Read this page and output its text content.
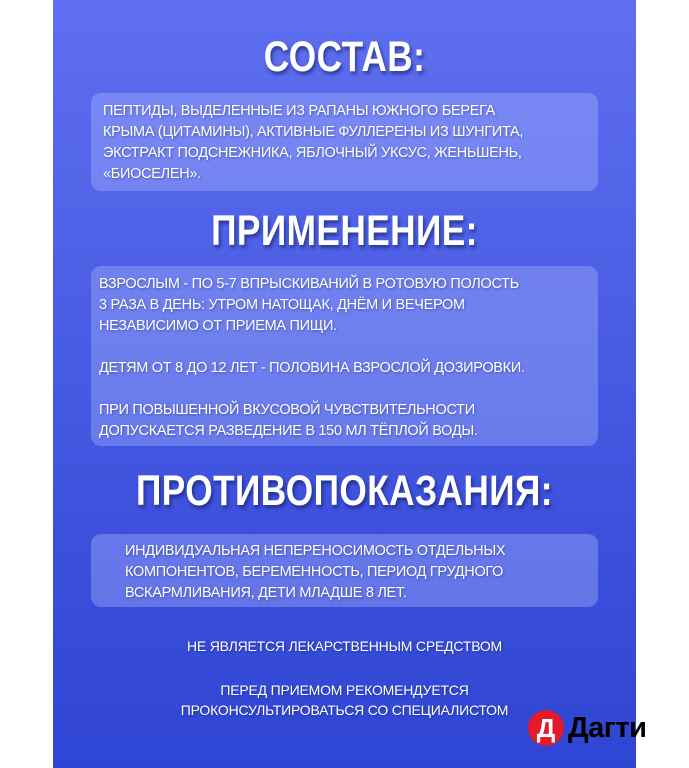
СОСТАВ:
ПЕПТИДЫ, ВЫДЕЛЕННЫЕ ИЗ РАПАНЫ ЮЖНОГО БЕРЕГА
КРЫМА (ЦИТАМИНЫ), АКТИВНЫЕ ФУЛЛЕРЕНЫ ИЗ ШУНГИТА,
ЭКСТРАКТ ПОДСНЕЖНИКА, ЯБЛОЧНЫЙ УКСУС, ЖЕНЬШЕНЬ,
«БИОСЕЛЕН».
ПРИМЕНЕНИЕ:
ВЗРОСЛЫМ - ПО 5-7 ВПРЫСКИВАНИЙ В РОТОВУЮ ПОЛОСТЬ
3 РАЗА В ДЕНЬ: УТРОМ НАТОЩАК, ДНЁМ И ВЕЧЕРОМ
НЕЗАВИСИМО ОТ ПРИЕМА ПИЩИ.
ДЕТЯМ ОТ 8 ДО 12 ЛЕТ - ПОЛОВИНА ВЗРОСЛОЙ ДОЗИРОВКИ.
ПРИ ПОВЫШЕННОЙ ВКУСОВОЙ ЧУВСТВИТЕЛЬНОСТИ
ДОПУСКАЕТСЯ РАЗВЕДЕНИЕ В 150 МЛ ТЁПЛОЙ ВОДЫ.
ПРОТИВОПОКАЗАНИЯ:
ИНДИВИДУАЛЬНАЯ НЕПЕРЕНОСИМОСТЬ ОТДЕЛЬНЫХ
КОМПОНЕНТОВ, БЕРЕМЕННОСТЬ, ПЕРИОД ГРУДНОГО
ВСКАРМЛИВАНИЯ, ДЕТИ МЛАДШЕ 8 ЛЕТ.
НЕ ЯВЛЯЕТСЯ ЛЕКАРСТВЕННЫМ СРЕДСТВОМ
ПЕРЕД ПРИЕМОМ РЕКОМЕНДУЕТСЯ
ПРОКОНСУЛЬТИРОВАТЬСЯ СО СПЕЦИАЛИСТОМ
Д Дагти
